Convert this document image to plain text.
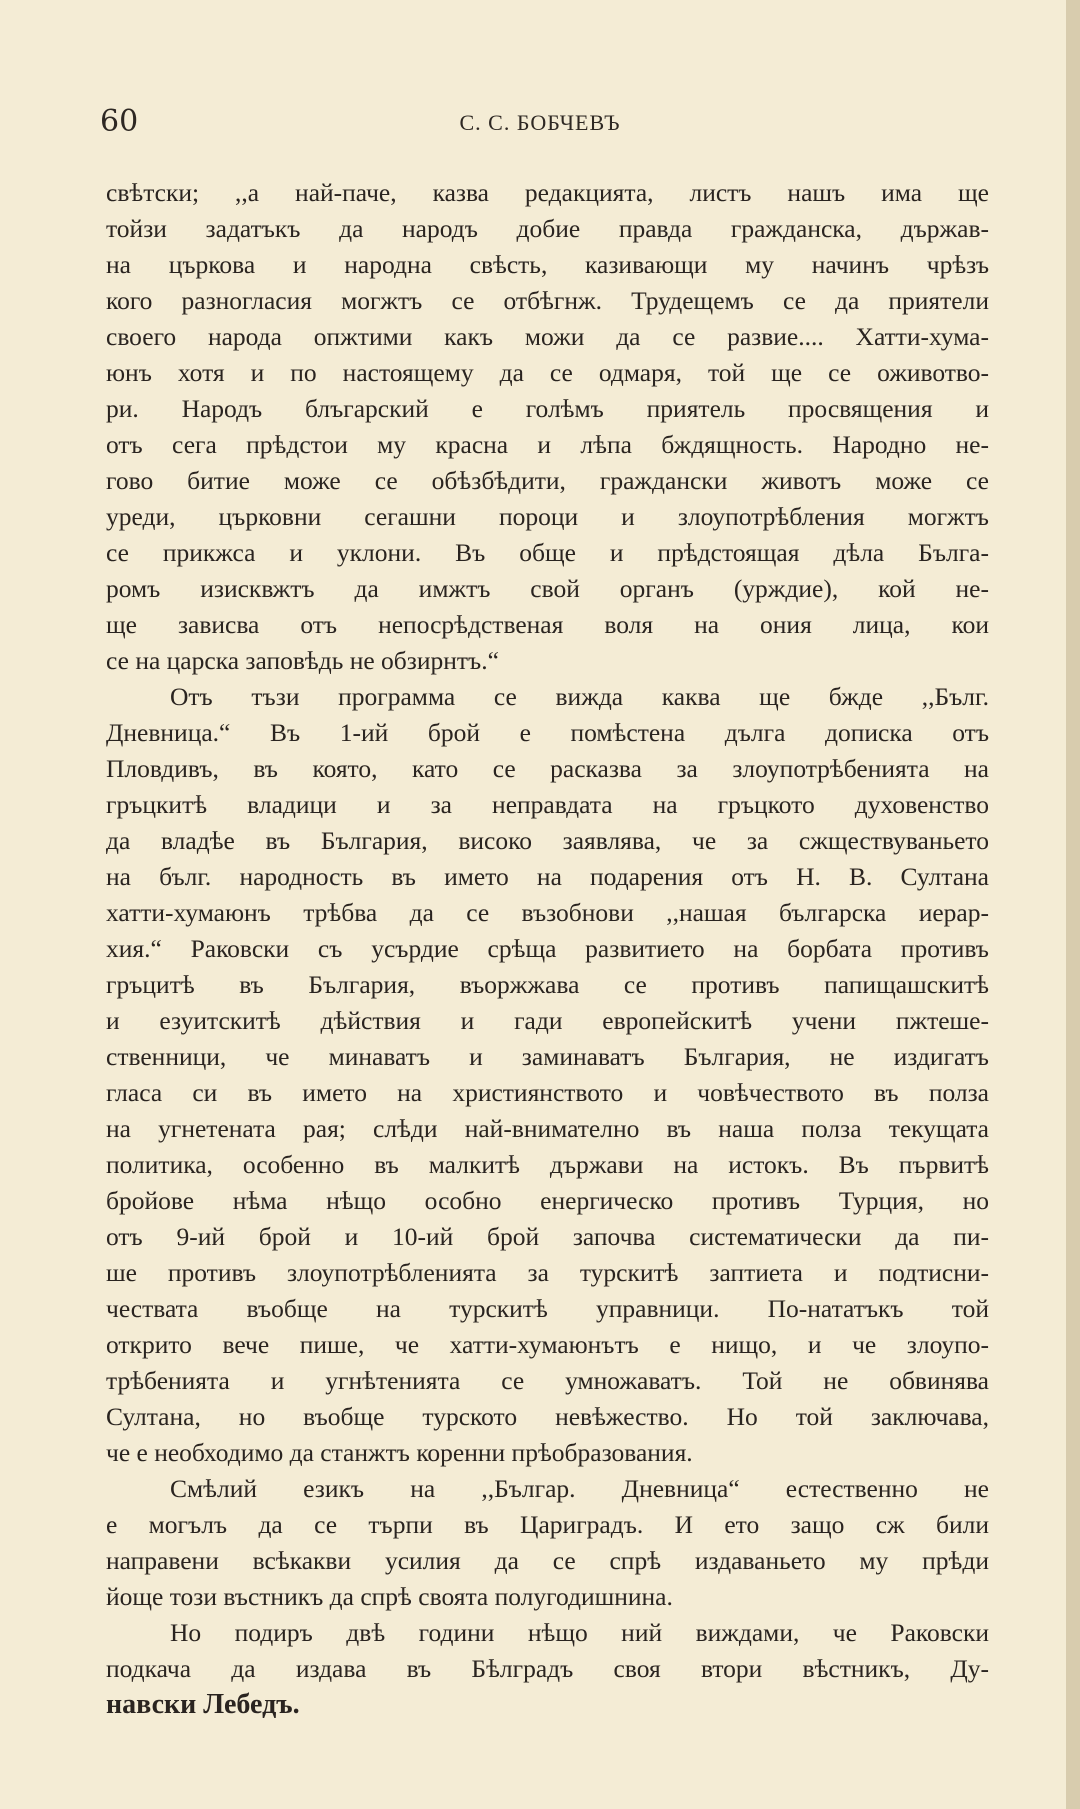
60	С. С. БОБЧЕВЪ
свѣтски; ,,а най-паче, казва редакцията, листъ нашъ има ще
тойзи задатъкъ да народъ добие правда гражданска, държав-
на църкова и народна свѣсть, казивающи му начинъ чрѣзъ
кого разногласия могжтъ се отбѣгнж. Трудещемъ се да приятели
своего народа опжтими какъ можи да се развие.... Хатти-хума-
юнъ хотя и по настоящему да се одмаря, той ще се оживотво-
ри. Народъ блъгарский е голѣмъ приятель просвящения и
отъ сега прѣдстои му красна и лѣпа бждящность. Народно не-
гово битие може се обѣзбѣдити, граждански животъ може се
уреди, църковни сегашни пороци и злоупотрѣбления могжтъ
се прикжса и уклони. Въ обще и прѣдстоящая дѣла Бълга-
ромъ изисквжтъ да имжтъ свой органъ (урждие), кой не-
ще зависва отъ непосрѣдственая воля на ония лица, кои
се на царска заповѣдь не обзирнтъ.“
Отъ тъзи программа се вижда каква ще бжде ,,Бълг.
Дневница.“ Въ 1-ий брой е помѣстена дълга дописка отъ
Пловдивъ, въ която, като се расказва за злоупотрѣбенията на
гръцкитѣ владици и за неправдата на гръцкото духовенство
да владѣе въ България, високо заявлява, че за сжществуваньето
на бълг. народность въ името на подарения отъ Н. В. Султана
хатти-хумаюнъ трѣбва да се възобнови ,,нашая българска иерар-
хия.“ Раковски съ усърдие срѣща развитието на борбата противъ
гръцитѣ въ България, въоржжава се противъ папищашскитѣ
и езуитскитѣ дѣйствия и гади европейскитѣ учени пжтеше-
ственници, че минаватъ и заминаватъ България, не издигатъ
гласа си въ името на християнството и човѣчеството въ полза
на угнетената рая; слѣди най-внимателно въ наша полза текущата
политика, особенно въ малкитѣ държави на истокъ. Въ първитѣ
бройове нѣма нѣщо особно енергическо противъ Турция, но
отъ 9-ий брой и 10-ий брой започва систематически да пи-
ше противъ злоупотрѣбленията за турскитѣ заптиета и подтисни-
чествата въобще на турскитѣ управници. По-нататъкъ той
открито вече пише, че хатти-хумаюнътъ е нищо, и че злоупо-
трѣбенията и угнѣтенията се умножаватъ. Той не обвинява
Султана, но въобще турското невѣжество. Но той заключава,
че е необходимо да станжтъ коренни прѣобразования.
Смѣлий езикъ на ,,Българ. Дневница“ естественно не
е могълъ да се търпи въ Цариградъ. И ето защо сж били
направени всѣкакви усилия да се спрѣ издаваньето му прѣди
йоще този въстникъ да спрѣ своята полугодишнина.
Но подиръ двѣ години нѣщо ний виждами, че Раковски
подкача да издава въ Бѣлградъ своя втори вѣстникъ, Ду-
навски Лебедъ.
